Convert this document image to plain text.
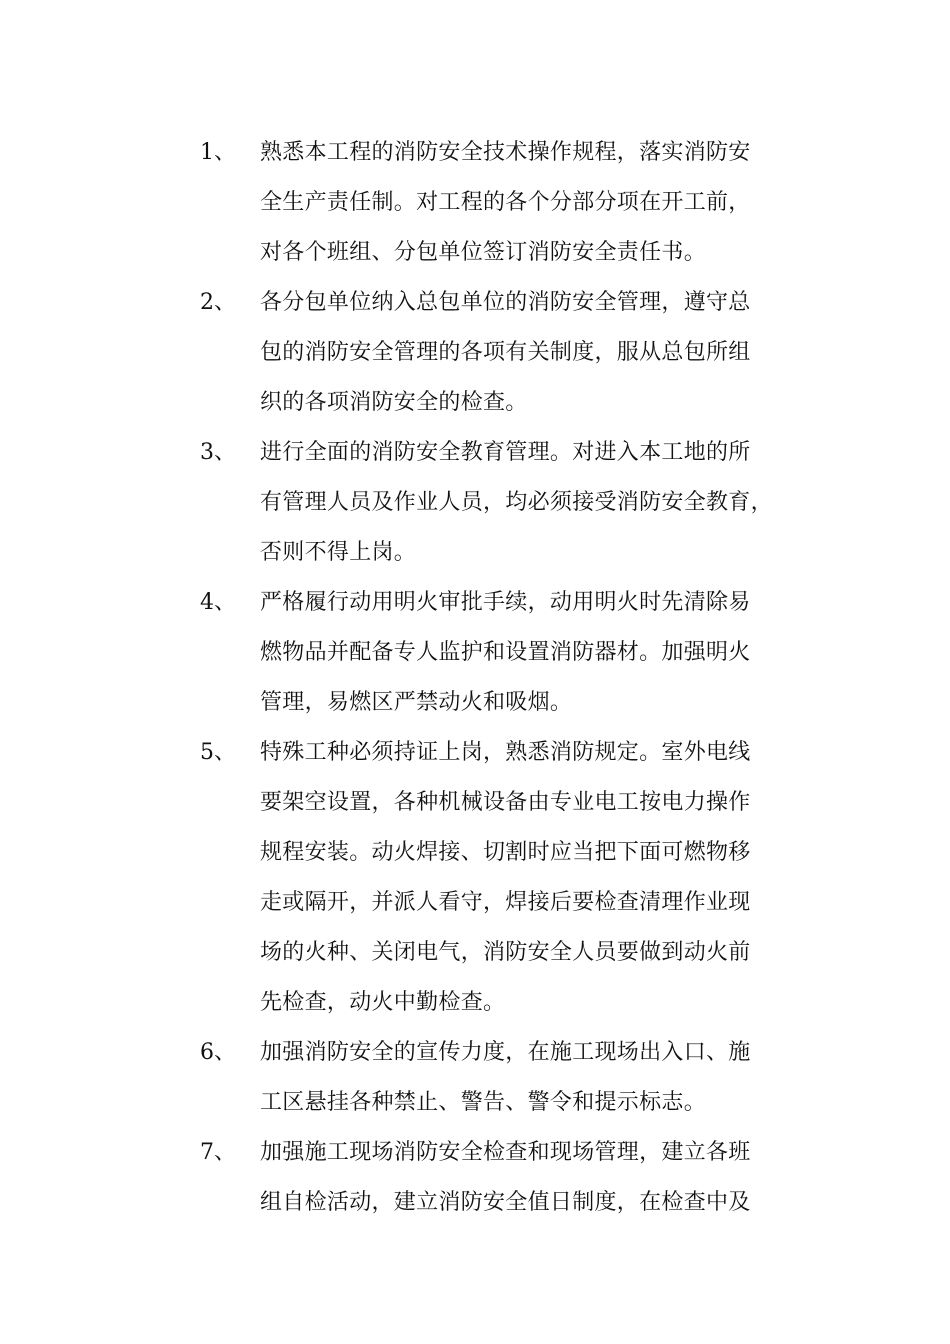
1、	熟悉本工程的消防安全技术操作规程，落实消防安
全生产责任制。对工程的各个分部分项在开工前，
对各个班组、分包单位签订消防安全责任书。
2、	各分包单位纳入总包单位的消防安全管理，遵守总
包的消防安全管理的各项有关制度，服从总包所组
织的各项消防安全的检查。
3、	进行全面的消防安全教育管理。对进入本工地的所
有管理人员及作业人员，均必须接受消防安全教育，
否则不得上岗。
4、	严格履行动用明火审批手续，动用明火时先清除易
燃物品并配备专人监护和设置消防器材。加强明火
管理，易燃区严禁动火和吸烟。
5、	特殊工种必须持证上岗，熟悉消防规定。室外电线
要架空设置，各种机械设备由专业电工按电力操作
规程安装。动火焊接、切割时应当把下面可燃物移
走或隔开，并派人看守，焊接后要检查清理作业现
场的火种、关闭电气，消防安全人员要做到动火前
先检查，动火中勤检查。
6、	加强消防安全的宣传力度，在施工现场出入口、施
工区悬挂各种禁止、警告、警令和提示标志。
7、	加强施工现场消防安全检查和现场管理，建立各班
组自检活动，建立消防安全值日制度，在检查中及
